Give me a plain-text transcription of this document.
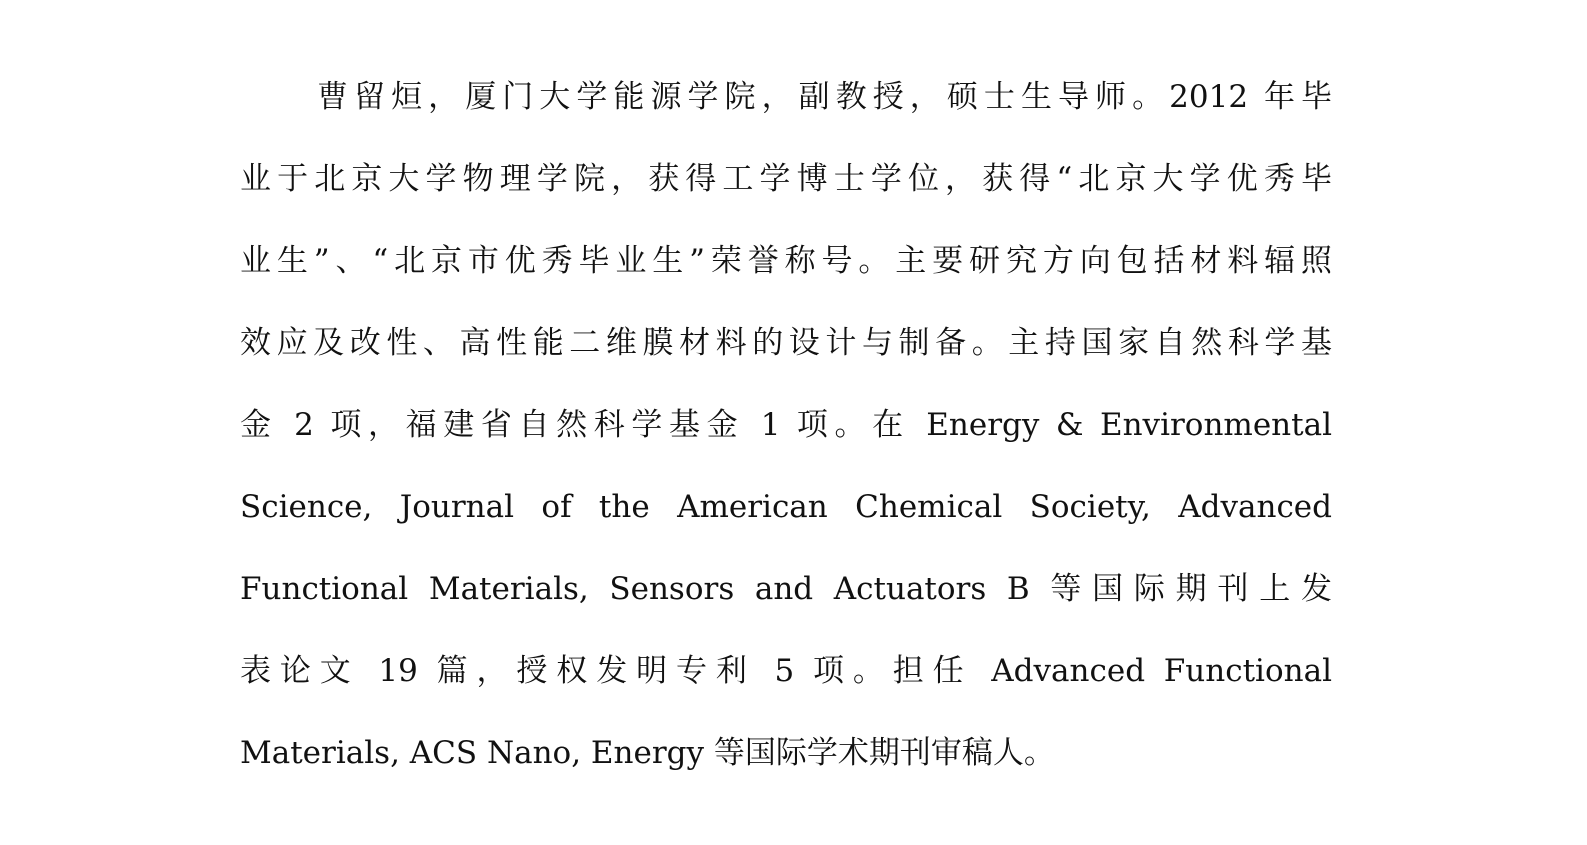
曹留烜，厦门大学能源学院，副教授，硕士生导师。2012 年毕
业于北京大学物理学院，获得工学博士学位，获得“北京大学优秀毕
业生”、“北京市优秀毕业生”荣誉称号。主要研究方向包括材料辐照
效应及改性、高性能二维膜材料的设计与制备。主持国家自然科学基
金 2 项，福建省自然科学基金 1 项。在 Energy & Environmental
Science, Journal of the American Chemical Society, Advanced
Functional Materials, Sensors and Actuators B 等国际期刊上发
表论文 19 篇，授权发明专利 5 项。担任 Advanced Functional
Materials, ACS Nano, Energy 等国际学术期刊审稿人。
